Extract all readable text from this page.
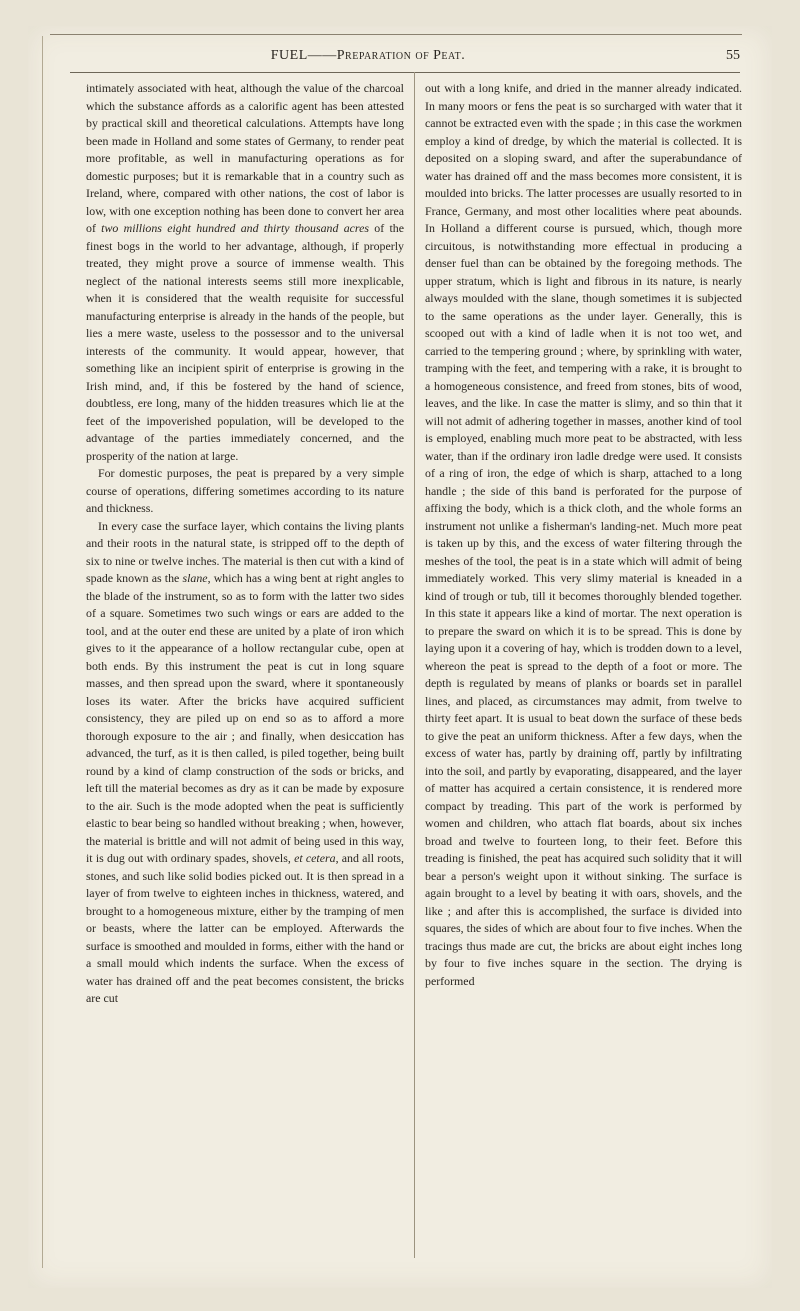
FUEL——Preparation of Peat.	55

intimately associated with heat, although the value of the charcoal which the substance affords as a calorific agent has been attested by practical skill and theoretical calculations. Attempts have long been made in Holland and some states of Germany, to render peat more profitable, as well in manufacturing operations as for domestic purposes; but it is remarkable that in a country such as Ireland, where, compared with other nations, the cost of labor is low, with one exception nothing has been done to convert her area of two millions eight hundred and thirty thousand acres of the finest bogs in the world to her advantage, although, if properly treated, they might prove a source of immense wealth. This neglect of the national interests seems still more inexplicable, when it is considered that the wealth requisite for successful manufacturing enterprise is already in the hands of the people, but lies a mere waste, useless to the possessor and to the universal interests of the community. It would appear, however, that something like an incipient spirit of enterprise is growing in the Irish mind, and, if this be fostered by the hand of science, doubtless, ere long, many of the hidden treasures which lie at the feet of the impoverished population, will be developed to the advantage of the parties immediately concerned, and the prosperity of the nation at large.

For domestic purposes, the peat is prepared by a very simple course of operations, differing sometimes according to its nature and thickness.

In every case the surface layer, which contains the living plants and their roots in the natural state, is stripped off to the depth of six to nine or twelve inches. The material is then cut with a kind of spade known as the slane, which has a wing bent at right angles to the blade of the instrument, so as to form with the latter two sides of a square. Sometimes two such wings or ears are added to the tool, and at the outer end these are united by a plate of iron which gives to it the appearance of a hollow rectangular cube, open at both ends. By this instrument the peat is cut in long square masses, and then spread upon the sward, where it spontaneously loses its water. After the bricks have acquired sufficient consistency, they are piled up on end so as to afford a more thorough exposure to the air ; and finally, when desiccation has advanced, the turf, as it is then called, is piled together, being built round by a kind of clamp construction of the sods or bricks, and left till the material becomes as dry as it can be made by exposure to the air. Such is the mode adopted when the peat is sufficiently elastic to bear being so handled without breaking ; when, however, the material is brittle and will not admit of being used in this way, it is dug out with ordinary spades, shovels, et cetera, and all roots, stones, and such like solid bodies picked out. It is then spread in a layer of from twelve to eighteen inches in thickness, watered, and brought to a homogeneous mixture, either by the tramping of men or beasts, where the latter can be employed. Afterwards the surface is smoothed and moulded in forms, either with the hand or a small mould which indents the surface. When the excess of water has drained off and the peat becomes consistent, the bricks are cut

out with a long knife, and dried in the manner already indicated. In many moors or fens the peat is so surcharged with water that it cannot be extracted even with the spade ; in this case the workmen employ a kind of dredge, by which the material is collected. It is deposited on a sloping sward, and after the superabundance of water has drained off and the mass becomes more consistent, it is moulded into bricks. The latter processes are usually resorted to in France, Germany, and most other localities where peat abounds. In Holland a different course is pursued, which, though more circuitous, is notwithstanding more effectual in producing a denser fuel than can be obtained by the foregoing methods. The upper stratum, which is light and fibrous in its nature, is nearly always moulded with the slane, though sometimes it is subjected to the same operations as the under layer. Generally, this is scooped out with a kind of ladle when it is not too wet, and carried to the tempering ground ; where, by sprinkling with water, tramping with the feet, and tempering with a rake, it is brought to a homogeneous consistence, and freed from stones, bits of wood, leaves, and the like. In case the matter is slimy, and so thin that it will not admit of adhering together in masses, another kind of tool is employed, enabling much more peat to be abstracted, with less water, than if the ordinary iron ladle dredge were used. It consists of a ring of iron, the edge of which is sharp, attached to a long handle ; the side of this band is perforated for the purpose of affixing the body, which is a thick cloth, and the whole forms an instrument not unlike a fisherman's landing-net. Much more peat is taken up by this, and the excess of water filtering through the meshes of the tool, the peat is in a state which will admit of being immediately worked. This very slimy material is kneaded in a kind of trough or tub, till it becomes thoroughly blended together. In this state it appears like a kind of mortar. The next operation is to prepare the sward on which it is to be spread. This is done by laying upon it a covering of hay, which is trodden down to a level, whereon the peat is spread to the depth of a foot or more. The depth is regulated by means of planks or boards set in parallel lines, and placed, as circumstances may admit, from twelve to thirty feet apart. It is usual to beat down the surface of these beds to give the peat an uniform thickness. After a few days, when the excess of water has, partly by draining off, partly by infiltrating into the soil, and partly by evaporating, disappeared, and the layer of matter has acquired a certain consistence, it is rendered more compact by treading. This part of the work is performed by women and children, who attach flat boards, about six inches broad and twelve to fourteen long, to their feet. Before this treading is finished, the peat has acquired such solidity that it will bear a person's weight upon it without sinking. The surface is again brought to a level by beating it with oars, shovels, and the like ; and after this is accomplished, the surface is divided into squares, the sides of which are about four to five inches. When the tracings thus made are cut, the bricks are about eight inches long by four to five inches square in the section. The drying is performed
